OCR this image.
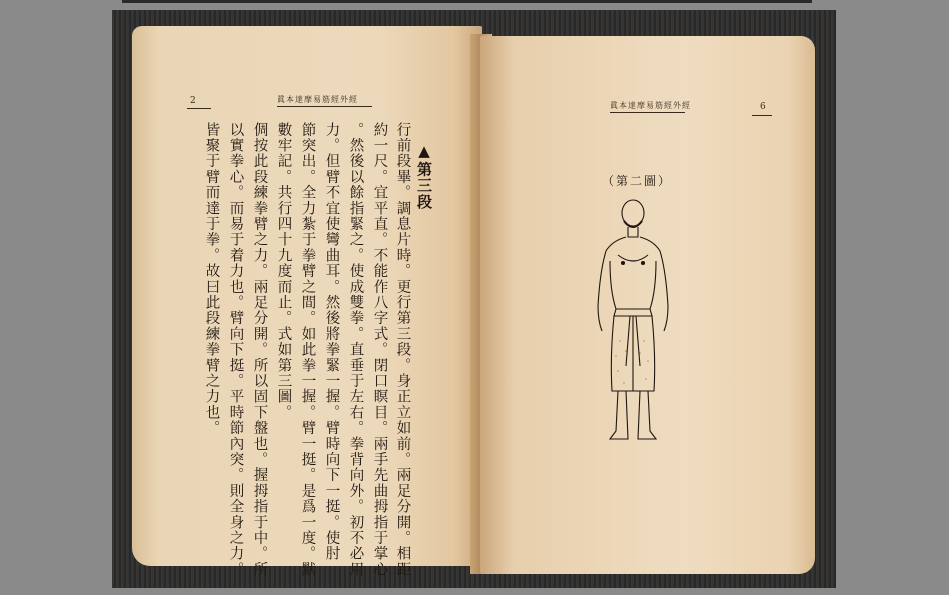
2	眞本達摩易筋經外經
▲第三段
行前段畢。調息片時。更行第三段。身正立如前。兩足分開。相距
約一尺。宜平直。不能作八字式。閉口瞑目。兩手先曲拇指于掌心
。然後以餘指緊之。使成雙拳。直垂于左右。拳背向外。初不必用
力。但臂不宜使彎曲耳。然後將拳緊一握。臂時向下一挺。使肘
節突出。全力紮于拳臂之間。如此拳一握。臂一挺。是爲一度。默
數牢記。共行四十九度而止。式如第三圖。
倜按此段練拳臂之力。兩足分開。所以固下盤也。握拇指于中。所
以實拳心。而易于着力也。臂向下挺。平時節內突。則全身之力。
皆聚于臂而達于拳。故曰此段練拳臂之力也。
眞本達摩易筋經外經	6
（第二圖）
